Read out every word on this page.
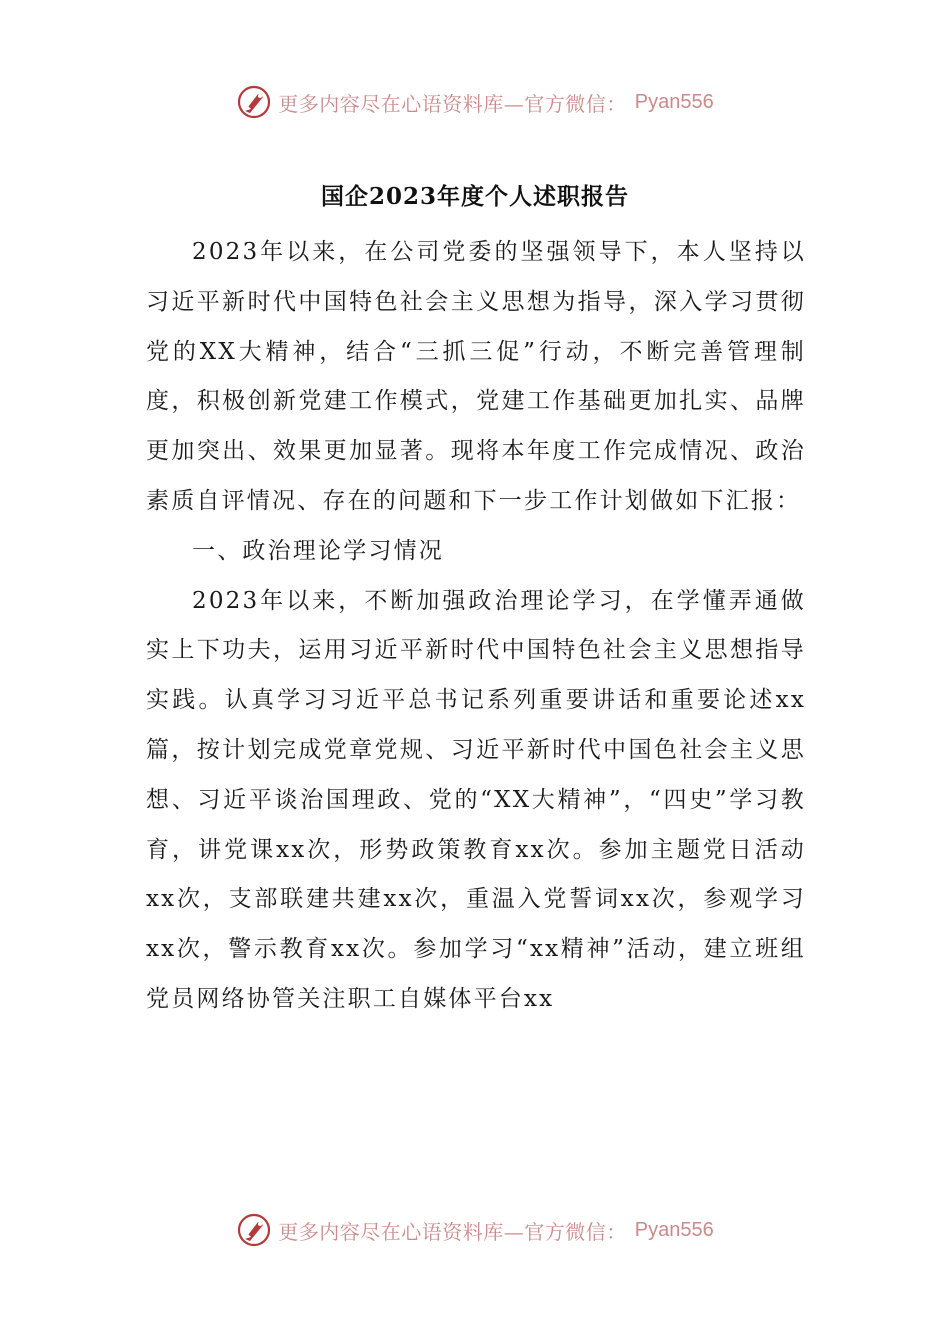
更多内容尽在心语资料库—官方微信： Pyan556
国企2023年度个人述职报告

2023年以来，在公司党委的坚强领导下，本人坚持以习近平新时代中国特色社会主义思想为指导，深入学习贯彻党的XX大精神，结合“三抓三促”行动，不断完善管理制度，积极创新党建工作模式，党建工作基础更加扎实、品牌更加突出、效果更加显著。现将本年度工作完成情况、政治素质自评情况、存在的问题和下一步工作计划做如下汇报：

一、政治理论学习情况

2023年以来，不断加强政治理论学习，在学懂弄通做实上下功夫，运用习近平新时代中国特色社会主义思想指导实践。认真学习习近平总书记系列重要讲话和重要论述xx篇，按计划完成党章党规、习近平新时代中国色社会主义思想、习近平谈治国理政、党的“XX大精神”，“四史”学习教育，讲党课xx次，形势政策教育xx次。参加主题党日活动xx次，支部联建共建xx次，重温入党誓词xx次，参观学习xx次，警示教育xx次。参加学习“xx精神”活动，建立班组党员网络协管关注职工自媒体平台xx

更多内容尽在心语资料库—官方微信： Pyan556
